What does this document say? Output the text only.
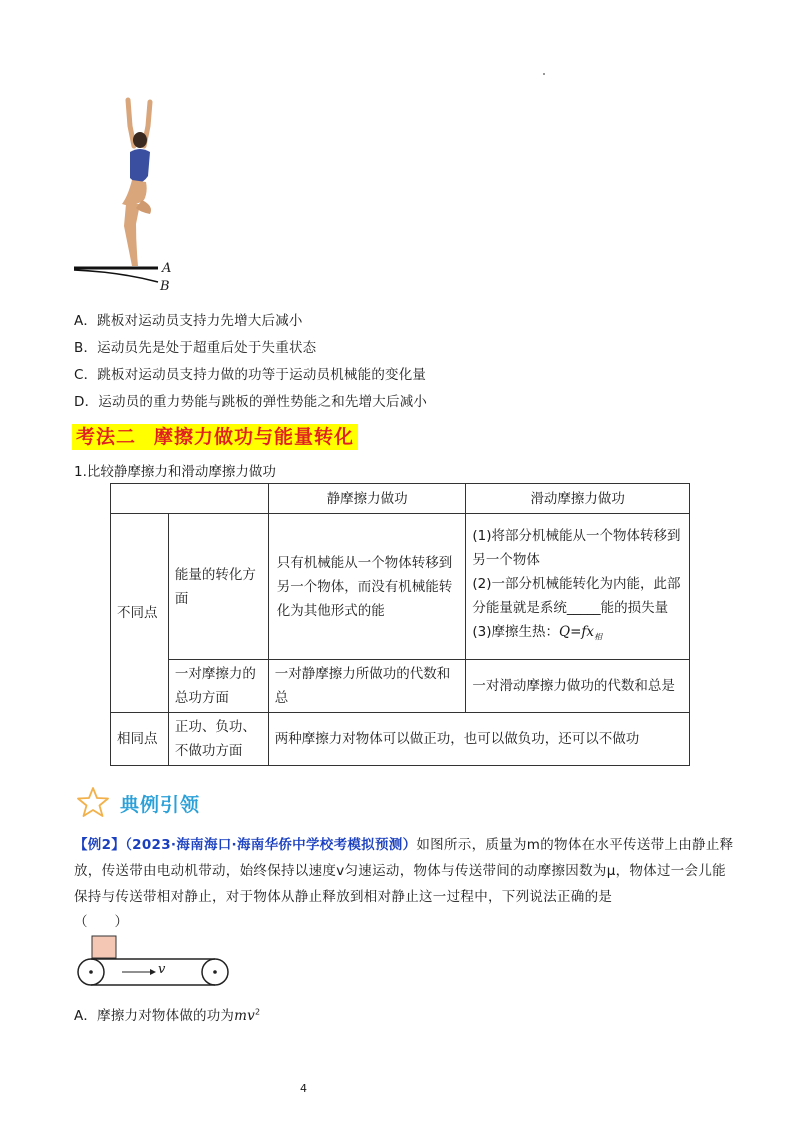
A
B
A．跳板对运动员支持力先增大后减小
B．运动员先是处于超重后处于失重状态
C．跳板对运动员支持力做的功等于运动员机械能的变化量
D．运动员的重力势能与跳板的弹性势能之和先增大后减小
考法二 摩擦力做功与能量转化
1.比较静摩擦力和滑动摩擦力做功
		静摩擦力做功	滑动摩擦力做功
不同点	能量的转化方面	只有机械能从一个物体转移到另一个物体，而没有机械能转化为其他形式的能	(1)将部分机械能从一个物体转移到另一个物体
(2)一部分机械能转化为内能，此部分能量就是系统_____能的损失量
(3)摩擦生热：$Q=fx_相$

	一对摩擦力的总功方面	一对静摩擦力所做功的代数和总	一对滑动摩擦力做功的代数和总是
相同点	正功、负功、不做功方面	两种摩擦力对物体可以做正功，也可以做负功，还可以不做功	
典例引领
【例2】（2023·海南海口·海南华侨中学校考模拟预测）如图所示，质量为m的物体在水平传送带上由静止释放，传送带由电动机带动，始终保持以速度v匀速运动，物体与传送带间的动摩擦因数为μ，物体过一会儿能保持与传送带相对静止，对于物体从静止释放到相对静止这一过程中，下列说法正确的是
（　　）
v
A．摩擦力对物体做的功为$mv^2$
4
